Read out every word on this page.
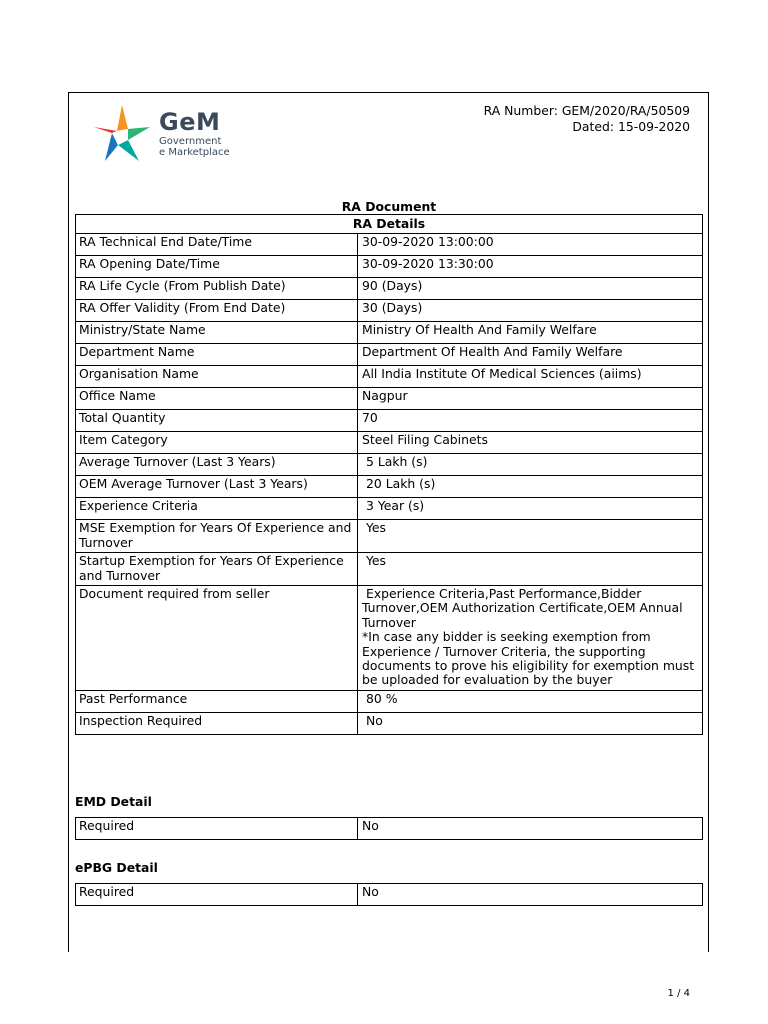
GeM
Government
e Marketplace
RA Number: GEM/2020/RA/50509
Dated: 15-09-2020
RA Document
RA Details	
RA Technical End Date/Time	30-09-2020 13:00:00
RA Opening Date/Time	30-09-2020 13:30:00
RA Life Cycle (From Publish Date)	90 (Days)
RA Offer Validity (From End Date)	30 (Days)
Ministry/State Name	Ministry Of Health And Family Welfare
Department Name	Department Of Health And Family Welfare
Organisation Name	All India Institute Of Medical Sciences (aiims)
Office Name	Nagpur
Total Quantity	70
Item Category	Steel Filing Cabinets
Average Turnover (Last 3 Years)	5 Lakh (s)
OEM Average Turnover (Last 3 Years)	20 Lakh (s)
Experience Criteria	3 Year (s)
MSE Exemption for Years Of Experience and Turnover	Yes
Startup Exemption for Years Of Experience and Turnover	Yes
Document required from seller	Experience Criteria,Past Performance,Bidder Turnover,OEM Authorization Certificate,OEM Annual Turnover
*In case any bidder is seeking exemption from Experience / Turnover Criteria, the supporting documents to prove his eligibility for exemption must be uploaded for evaluation by the buyer
Past Performance	80 %
Inspection Required	No
EMD Detail
Required	No
ePBG Detail
Required	No
1 / 4
